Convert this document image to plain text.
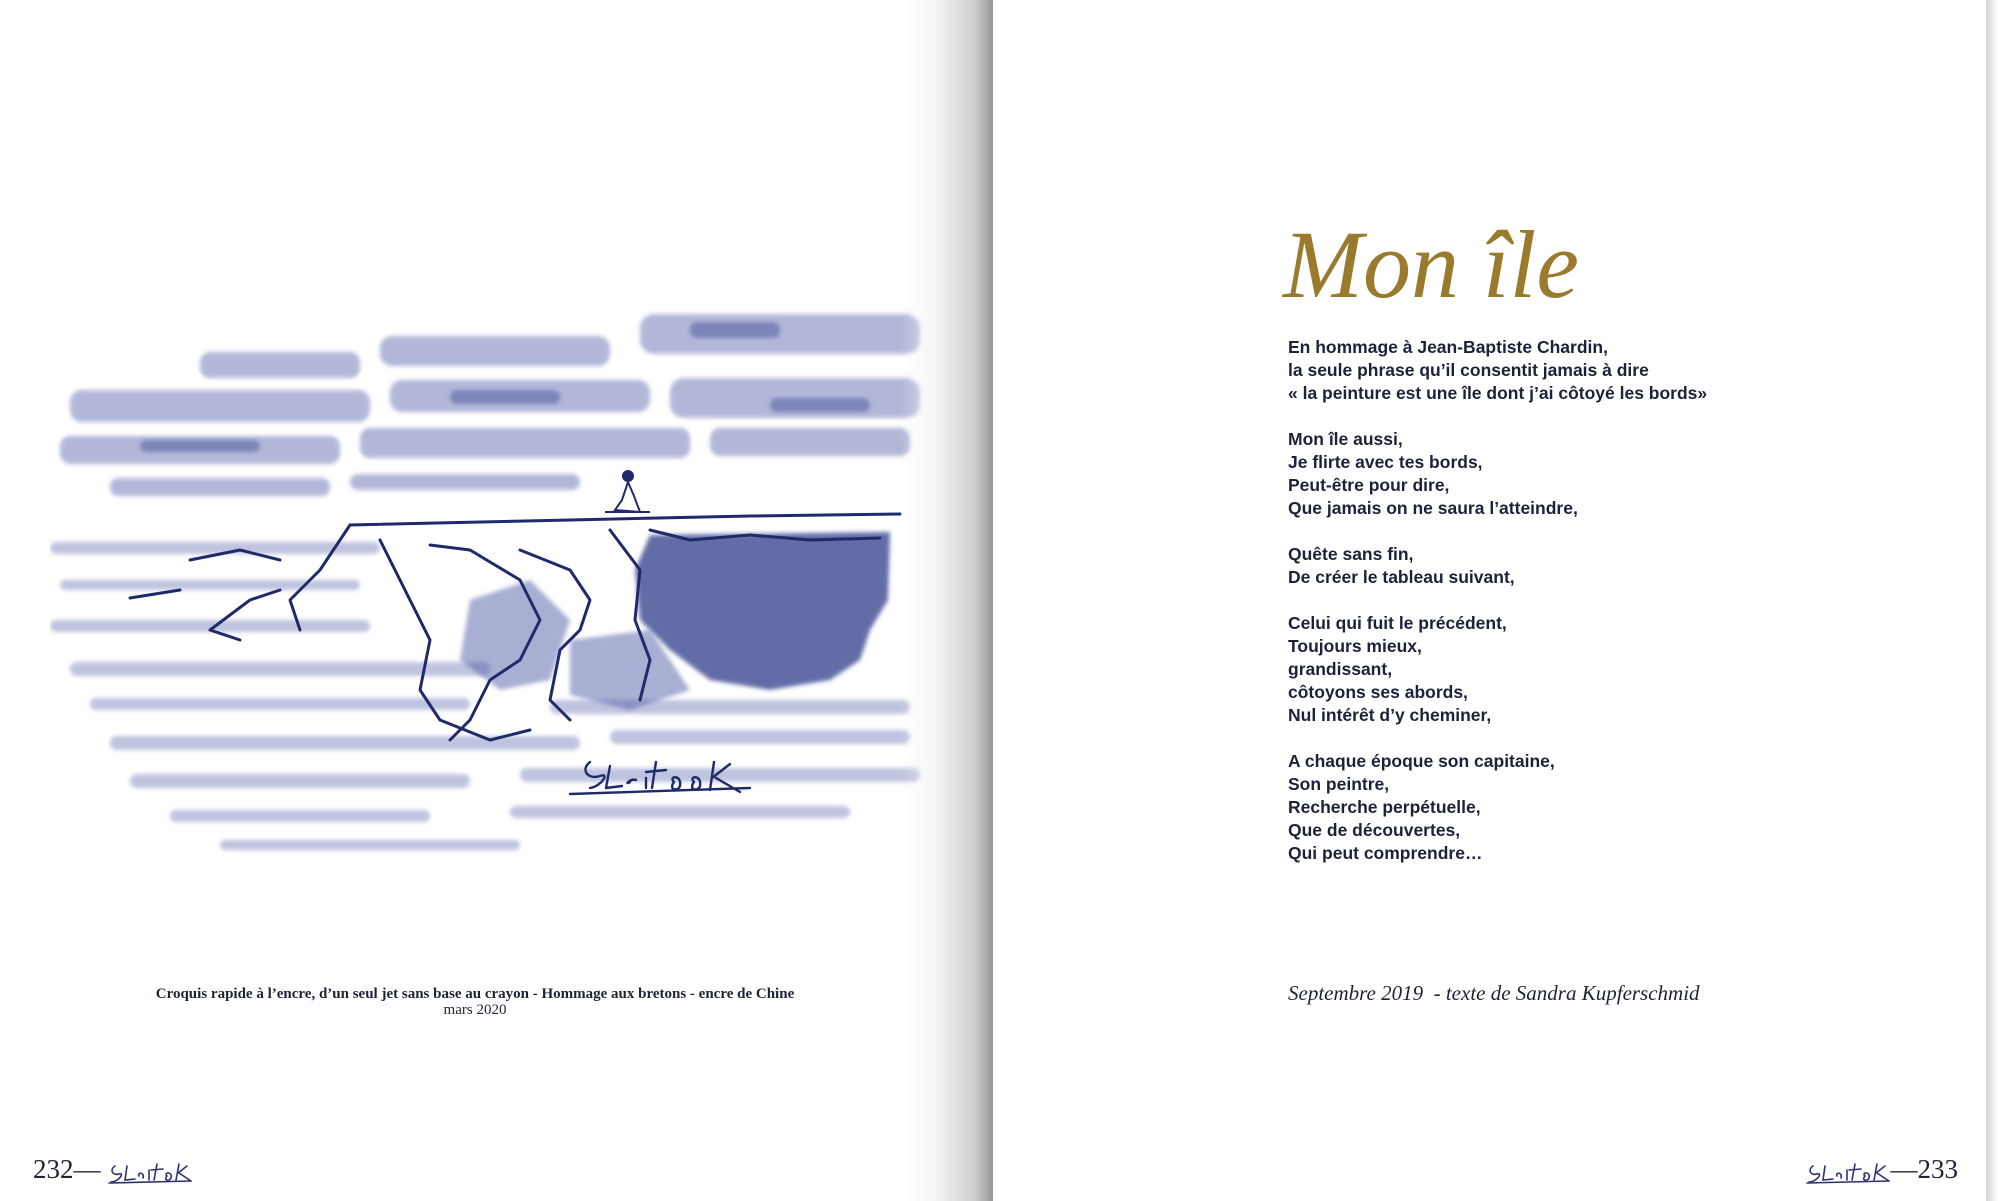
Croquis rapide à l’encre, d’un seul jet sans base au crayon - Hommage aux bretons - encre de Chine
mars 2020
232—
Mon île
En hommage à Jean-Baptiste Chardin,
la seule phrase qu’il consentit jamais à dire
« la peinture est une île dont j’ai côtoyé les bords»
Mon île aussi,
Je flirte avec tes bords,
Peut-être pour dire,
Que jamais on ne saura l’atteindre,
Quête sans fin,
De créer le tableau suivant,
Celui qui fuit le précédent,
Toujours mieux,
grandissant,
côtoyons ses abords,
Nul intérêt d’y cheminer,
A chaque époque son capitaine,
Son peintre,
Recherche perpétuelle,
Que de découvertes,
Qui peut comprendre…
Septembre 2019  - texte de Sandra Kupferschmid
—233
